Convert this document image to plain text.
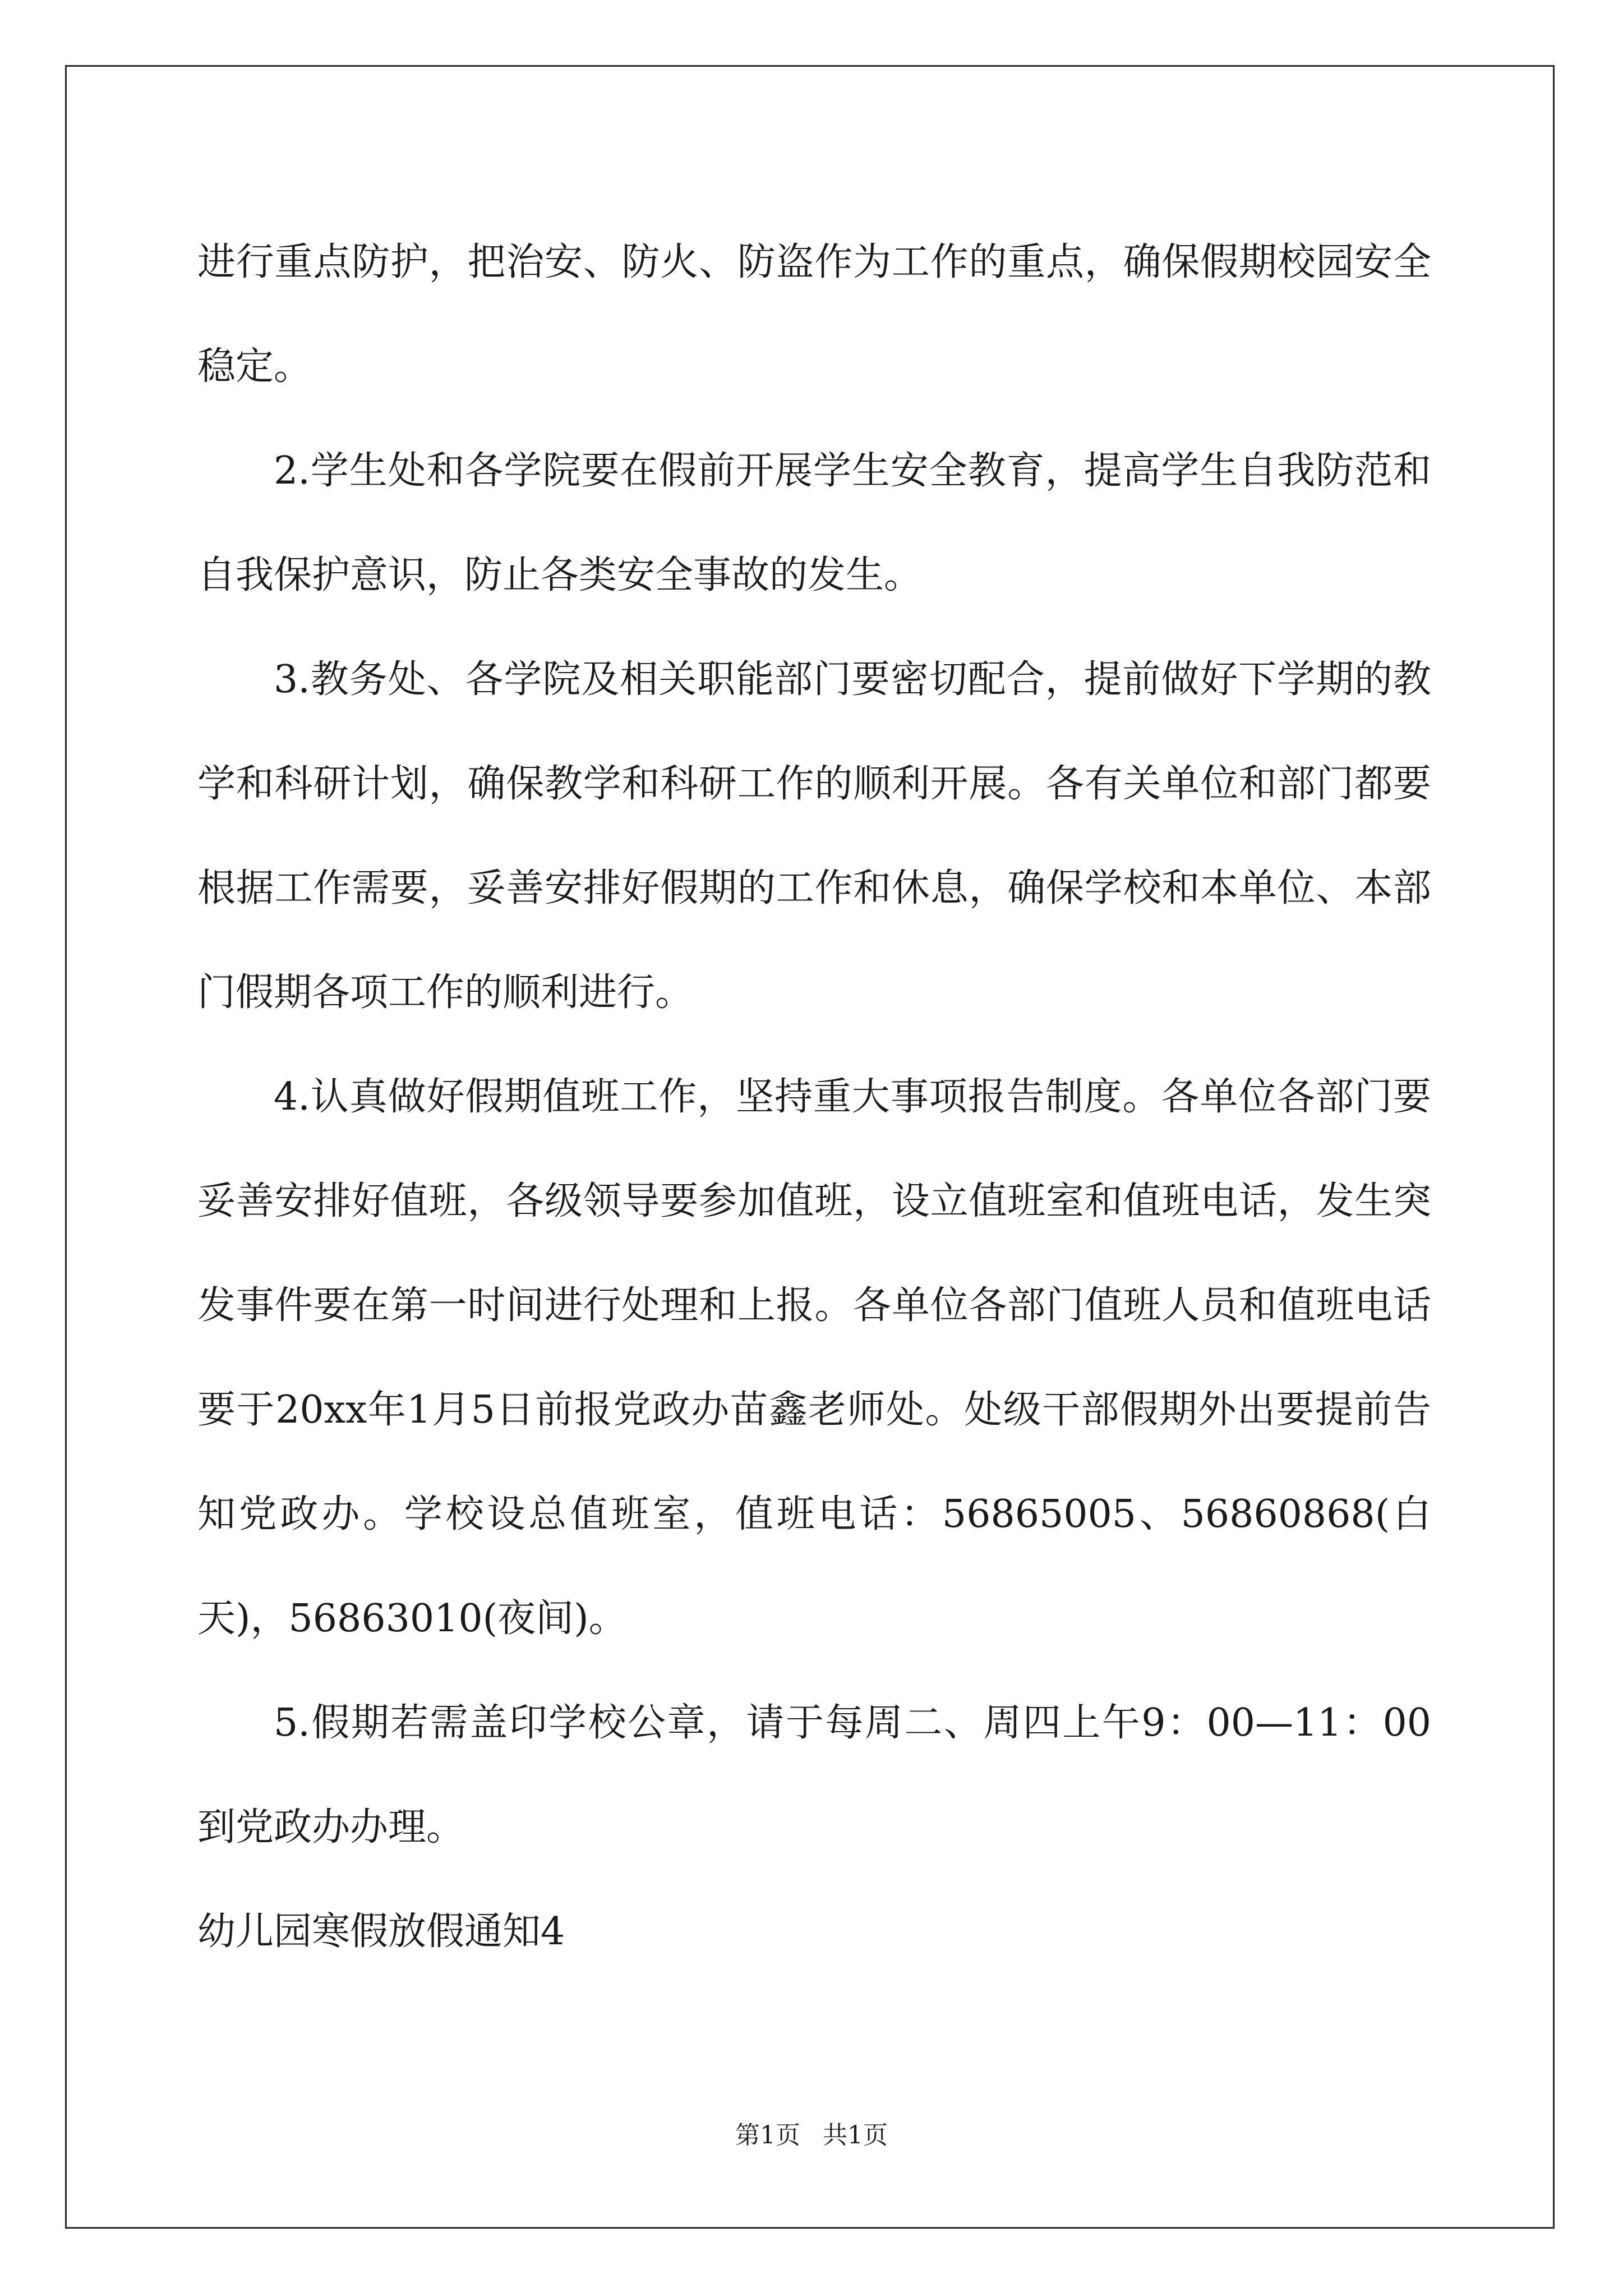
进行重点防护，把治安、防火、防盗作为工作的重点，确保假期校园安全稳定。

2.学生处和各学院要在假前开展学生安全教育，提高学生自我防范和自我保护意识，防止各类安全事故的发生。

3.教务处、各学院及相关职能部门要密切配合，提前做好下学期的教学和科研计划，确保教学和科研工作的顺利开展。各有关单位和部门都要根据工作需要，妥善安排好假期的工作和休息，确保学校和本单位、本部门假期各项工作的顺利进行。

4.认真做好假期值班工作，坚持重大事项报告制度。各单位各部门要妥善安排好值班，各级领导要参加值班，设立值班室和值班电话，发生突发事件要在第一时间进行处理和上报。各单位各部门值班人员和值班电话要于20xx年1月5日前报党政办苗鑫老师处。处级干部假期外出要提前告知党政办。学校设总值班室，值班电话：56865005、56860868(白天)，56863010(夜间)。

5.假期若需盖印学校公章，请于每周二、周四上午9：00—11：00到党政办办理。

幼儿园寒假放假通知4

第1页 共1页
